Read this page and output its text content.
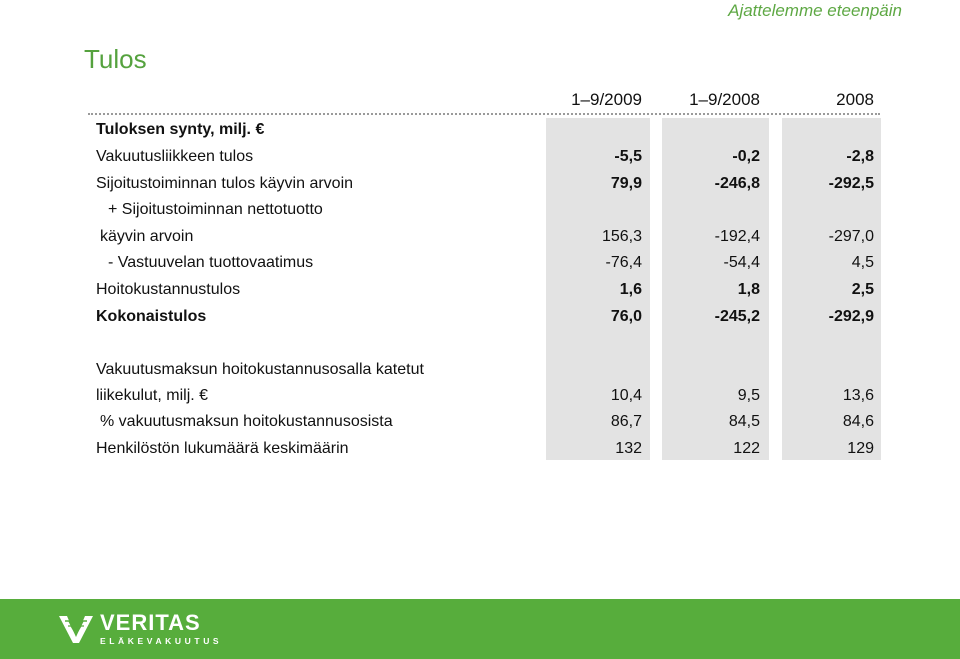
Ajattelemme eteenpäin
Tulos
1–9/2009	1–9/2008	2008
Tuloksen synty, milj. €
Vakuutusliikkeen tulos	-5,5	-0,2	-2,8
Sijoitustoiminnan tulos käyvin arvoin	79,9	-246,8	-292,5
+ Sijoitustoiminnan nettotuotto
käyvin arvoin	156,3	-192,4	-297,0
- Vastuuvelan tuottovaatimus	-76,4	-54,4	4,5
Hoitokustannustulos	1,6	1,8	2,5
Kokonaistulos	76,0	-245,2	-292,9
Vakuutusmaksun hoitokustannusosalla katetut
liikekulut, milj. €	10,4	9,5	13,6
% vakuutusmaksun hoitokustannusosista	86,7	84,5	84,6
Henkilöstön lukumäärä keskimäärin	132	122	129
VERITAS
ELÄKEVAKUUTUS
